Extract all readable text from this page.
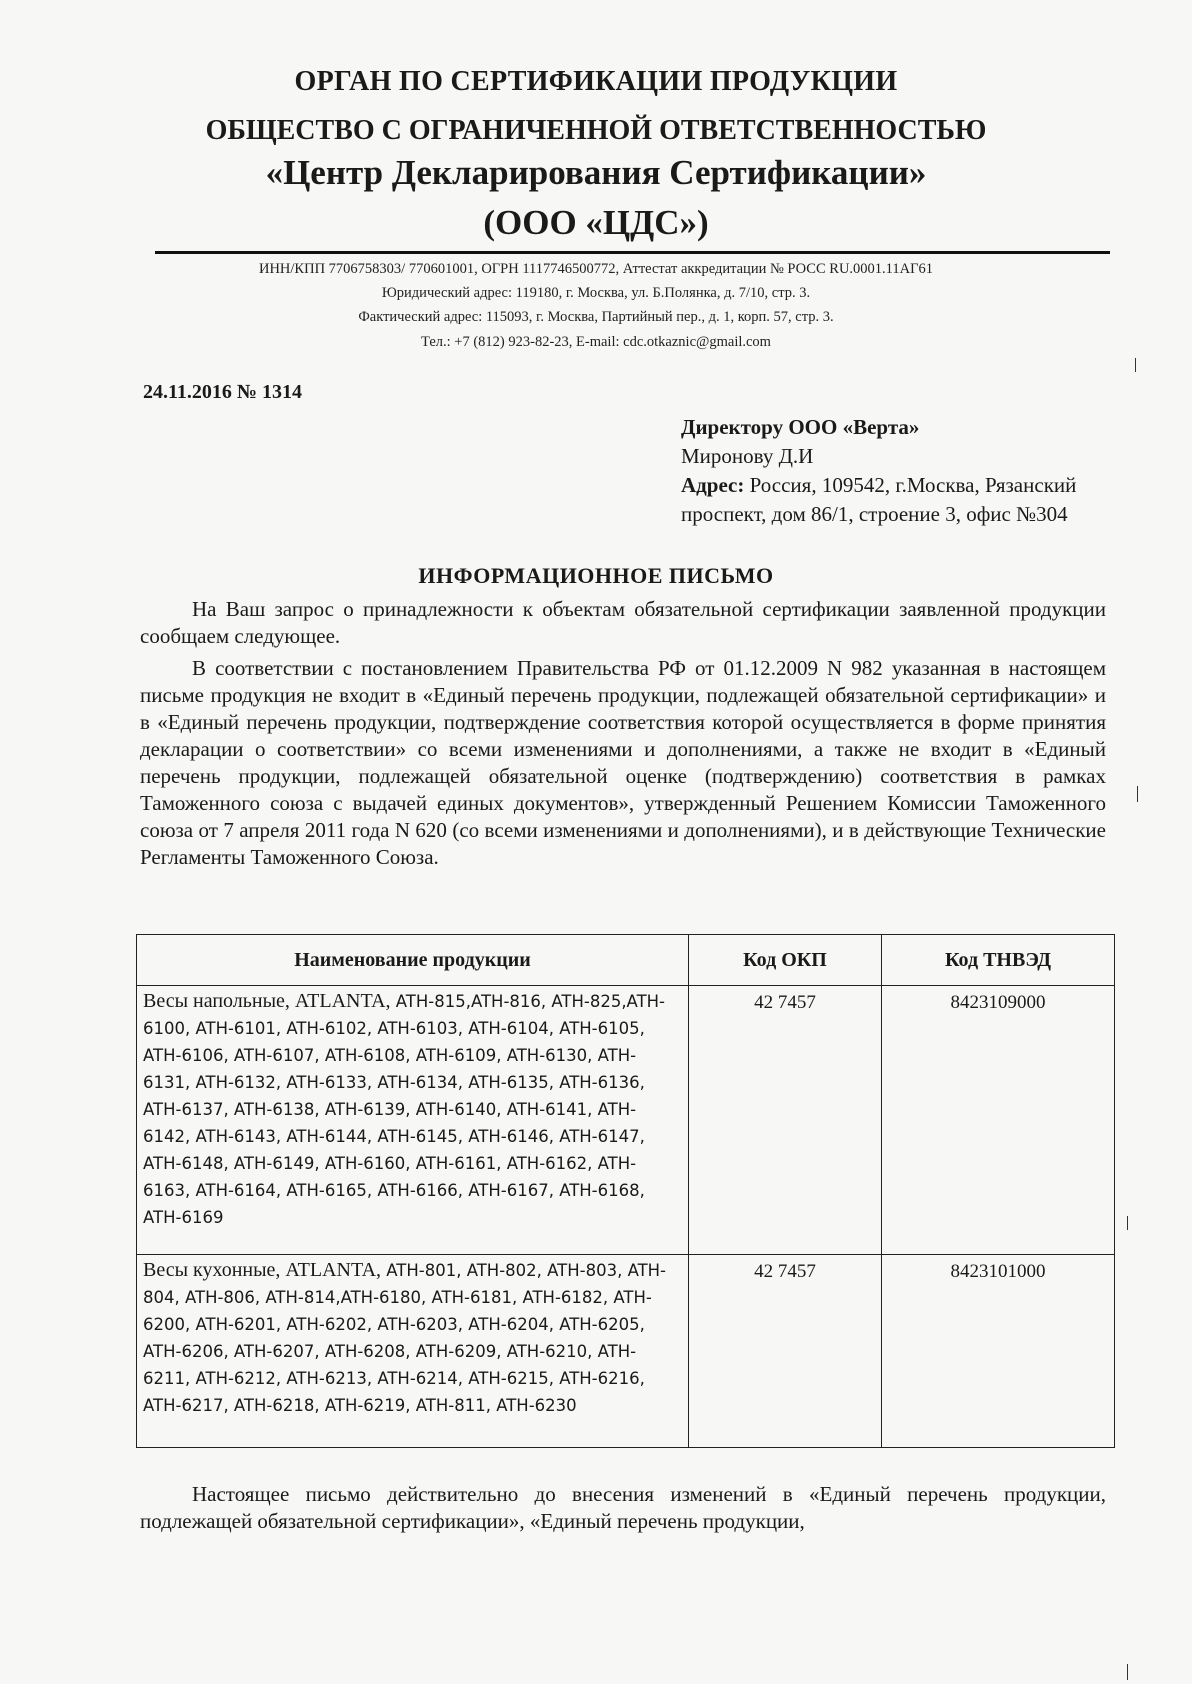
ОРГАН ПО СЕРТИФИКАЦИИ ПРОДУКЦИИ

ОБЩЕСТВО С ОГРАНИЧЕННОЙ ОТВЕТСТВЕННОСТЬЮ

«Центр Декларирования Сертификации»

(ООО «ЦДС»)

ИНН/КПП 7706758303/ 770601001, ОГРН 1117746500772, Аттестат аккредитации № РОСС RU.0001.11АГ61

Юридический адрес: 119180, г. Москва, ул. Б.Полянка, д. 7/10, стр. 3.

Фактический адрес: 115093, г. Москва, Партийный пер., д. 1, корп. 57, стр. 3.

Тел.: +7 (812) 923-82-23, E-mail: cdc.otkaznic@gmail.com

24.11.2016 № 1314

Директору ООО «Верта»
Миронову Д.И
Адрес: Россия, 109542, г.Москва, Рязанский проспект, дом 86/1, строение 3, офис №304

ИНФОРМАЦИОННОЕ ПИСЬМО

На Ваш запрос о принадлежности к объектам обязательной сертификации заявленной продукции сообщаем следующее.

В соответствии с постановлением Правительства РФ от 01.12.2009 N 982 указанная в настоящем письме продукция не входит в «Единый перечень продукции, подлежащей обязательной сертификации» и в «Единый перечень продукции, подтверждение соответствия которой осуществляется в форме принятия декларации о соответствии» со всеми изменениями и дополнениями, а также не входит в «Единый перечень продукции, подлежащей обязательной оценке (подтверждению) соответствия в рамках Таможенного союза с выдачей единых документов», утвержденный Решением Комиссии Таможенного союза от 7 апреля 2011 года N 620 (со всеми изменениями и дополнениями), и в действующие Технические Регламенты Таможенного Союза.

Наименование продукции	Код ОКП	Код ТНВЭД
Весы напольные, ATLANTA, ATH-815,ATH-816, ATH-825,ATH-6100, ATH-6101, ATH-6102, ATH-6103, ATH-6104, ATH-6105, ATH-6106, ATH-6107, ATH-6108, ATH-6109, ATH-6130, ATH-6131, ATH-6132, ATH-6133, ATH-6134, ATH-6135, ATH-6136, ATH-6137, ATH-6138, ATH-6139, ATH-6140, ATH-6141, ATH-6142, ATH-6143, ATH-6144, ATH-6145, ATH-6146, ATH-6147, ATH-6148, ATH-6149, ATH-6160, ATH-6161, ATH-6162, ATH-6163, ATH-6164, ATH-6165, ATH-6166, ATH-6167, ATH-6168, ATH-6169	42 7457	8423109000
Весы кухонные, ATLANTA, ATH-801, ATH-802, ATH-803, ATH-804, ATH-806, ATH-814,ATH-6180, ATH-6181, ATH-6182, ATH-6200, ATH-6201, ATH-6202, ATH-6203, ATH-6204, ATH-6205, ATH-6206, ATH-6207, ATH-6208, ATH-6209, ATH-6210, ATH-6211, ATH-6212, ATH-6213, ATH-6214, ATH-6215, ATH-6216, ATH-6217, ATH-6218, ATH-6219, ATH-811, ATH-6230	42 7457	8423101000

Настоящее письмо действительно до внесения изменений в «Единый перечень продукции, подлежащей обязательной сертификации», «Единый перечень продукции,
